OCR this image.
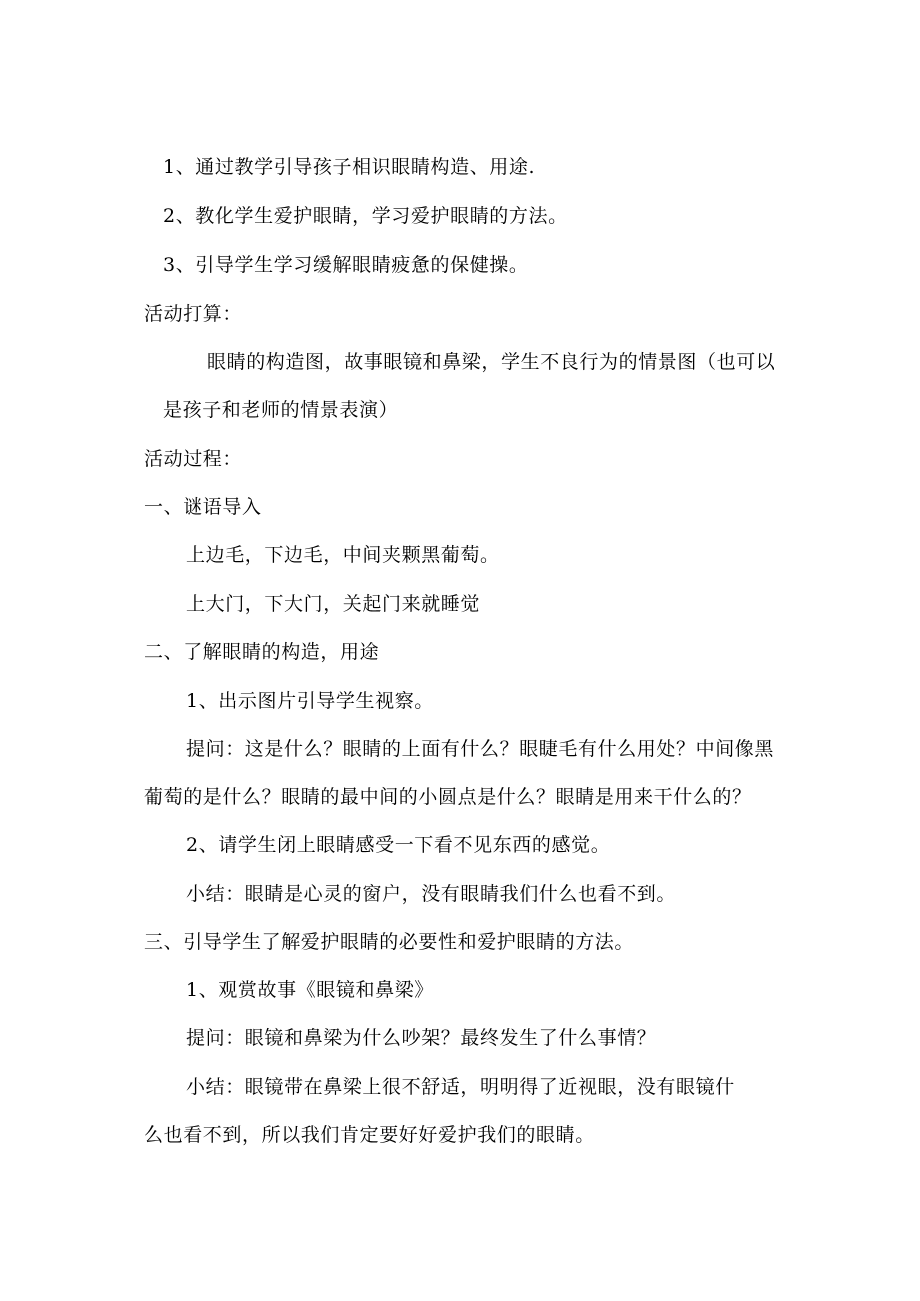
1、通过教学引导孩子相识眼睛构造、用途.
2、教化学生爱护眼睛，学习爱护眼睛的方法。
3、引导学生学习缓解眼睛疲惫的保健操。
活动打算：
眼睛的构造图，故事眼镜和鼻梁，学生不良行为的情景图（也可以
是孩子和老师的情景表演）
活动过程：
一、谜语导入
上边毛，下边毛，中间夹颗黑葡萄。
上大门，下大门，关起门来就睡觉
二、了解眼睛的构造，用途
1、出示图片引导学生视察。
提问：这是什么？眼睛的上面有什么？眼睫毛有什么用处？中间像黑
葡萄的是什么？眼睛的最中间的小圆点是什么？眼睛是用来干什么的？
2、请学生闭上眼睛感受一下看不见东西的感觉。
小结：眼睛是心灵的窗户，没有眼睛我们什么也看不到。
三、引导学生了解爱护眼睛的必要性和爱护眼睛的方法。
1、观赏故事《眼镜和鼻梁》
提问：眼镜和鼻梁为什么吵架？最终发生了什么事情？
小结：眼镜带在鼻梁上很不舒适，明明得了近视眼，没有眼镜什
么也看不到，所以我们肯定要好好爱护我们的眼睛。
